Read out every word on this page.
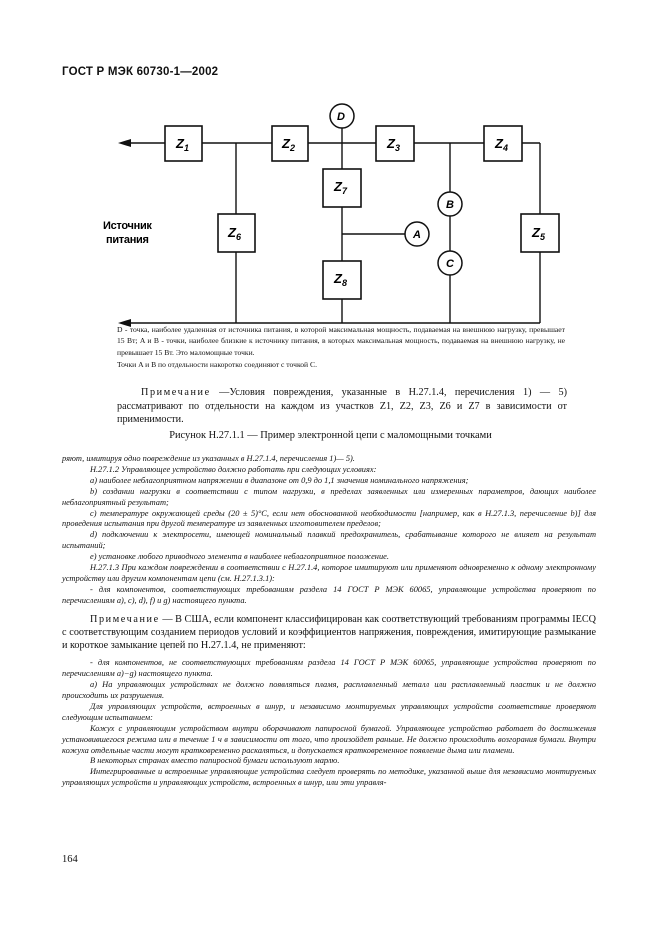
ГОСТ Р МЭК 60730-1—2002
$Z_1$	$Z_2$	$Z_3$	$Z_4$
$Z_5$
$Z_6$
$Z_7$
$Z_8$
D
B
A
C
Источник
питания

D - точка, наиболее удаленная от источника питания, в которой максимальная мощность, подаваемая на внешнюю нагрузку, превышает 15 Вт; A и B - точки, наиболее близкие к источнику питания, в которых максимальная мощность, подаваемая на внешнюю нагрузку, не превышает 15 Вт. Это маломощные точки.

Точки A и B по отдельности накоротко соединяют с точкой C.

Примечание —Условия повреждения, указанные в H.27.1.4, перечисления 1) — 5) рассматривают по отдельности на каждом из участков Z1, Z2, Z3, Z6 и Z7 в зависимости от применимости.

Рисунок H.27.1.1 — Пример электронной цепи с маломощными точками

ряют, имитируя одно повреждение из указанных в H.27.1.4, перечисления 1)— 5).

H.27.1.2 Управляющее устройство должно работать при следующих условиях:

а) наиболее неблагоприятном напряжении в диапазоне от 0,9 до 1,1 значения номинального напряжения;

b) создании нагрузки в соответствии с типом нагрузки, в пределах заявленных или измеренных параметров, дающих наиболее неблагоприятный результат;

с) температуре окружающей среды (20 ± 5)°С, если нет обоснованной необходимости [например, как в H.27.1.3, перечисление b)] для проведения испытания при другой температуре из заявленных изготовителем пределов;

d) подключении к электросети, имеющей номинальный плавкий предохранитель, срабатывание которого не влияет на результат испытаний;

е) установке любого приводного элемента в наиболее неблагоприятное положение.

H.27.1.3 При каждом повреждении в соответствии с H.27.1.4, которое имитируют или применяют одновременно к одному электронному устройству или другим компонентам цепи (см. H.27.1.3.1):

- для компонентов, соответствующих требованиям раздела 14 ГОСТ Р МЭК 60065, управляющие устройства проверяют по перечислениям a), c), d), f) и g) настоящего пункта.

Примечание — В США, если компонент классифицирован как соответствующий требованиям программы IECQ с соответствующим созданием периодов условий и коэффициентов напряжения, повреждения, имитирующие размыкание и короткое замыкание цепей по H.27.1.4, не применяют:

- для компонентов, не соответствующих требованиям раздела 14 ГОСТ Р МЭК 60065, управляющие устройства проверяют по перечислениям a)−g) настоящего пункта.

а) На управляющих устройствах не должно появляться пламя, расплавленный металл или расплавленный пластик и не должно происходить их разрушения.

Для управляющих устройств, встроенных в шнур, и независимо монтируемых управляющих устройств соответствие проверяют следующим испытанием:

Кожух с управляющим устройством внутри оборачивают папиросной бумагой. Управляющее устройство работает до достижения установившегося режима или в течение 1 ч в зависимости от того, что произойдет раньше. Не должно происходить возгорания бумаги. Внутри кожуха отдельные части могут кратковременно раскаляться, и допускается кратковременное появление дыма или пламени.

В некоторых странах вместо папиросной бумаги используют марлю.

Интегрированные и встроенные управляющие устройства следует проверять по методике, указанной выше для независимо монтируемых управляющих устройств и управляющих устройств, встроенных в шнур, или эти управля-

164
